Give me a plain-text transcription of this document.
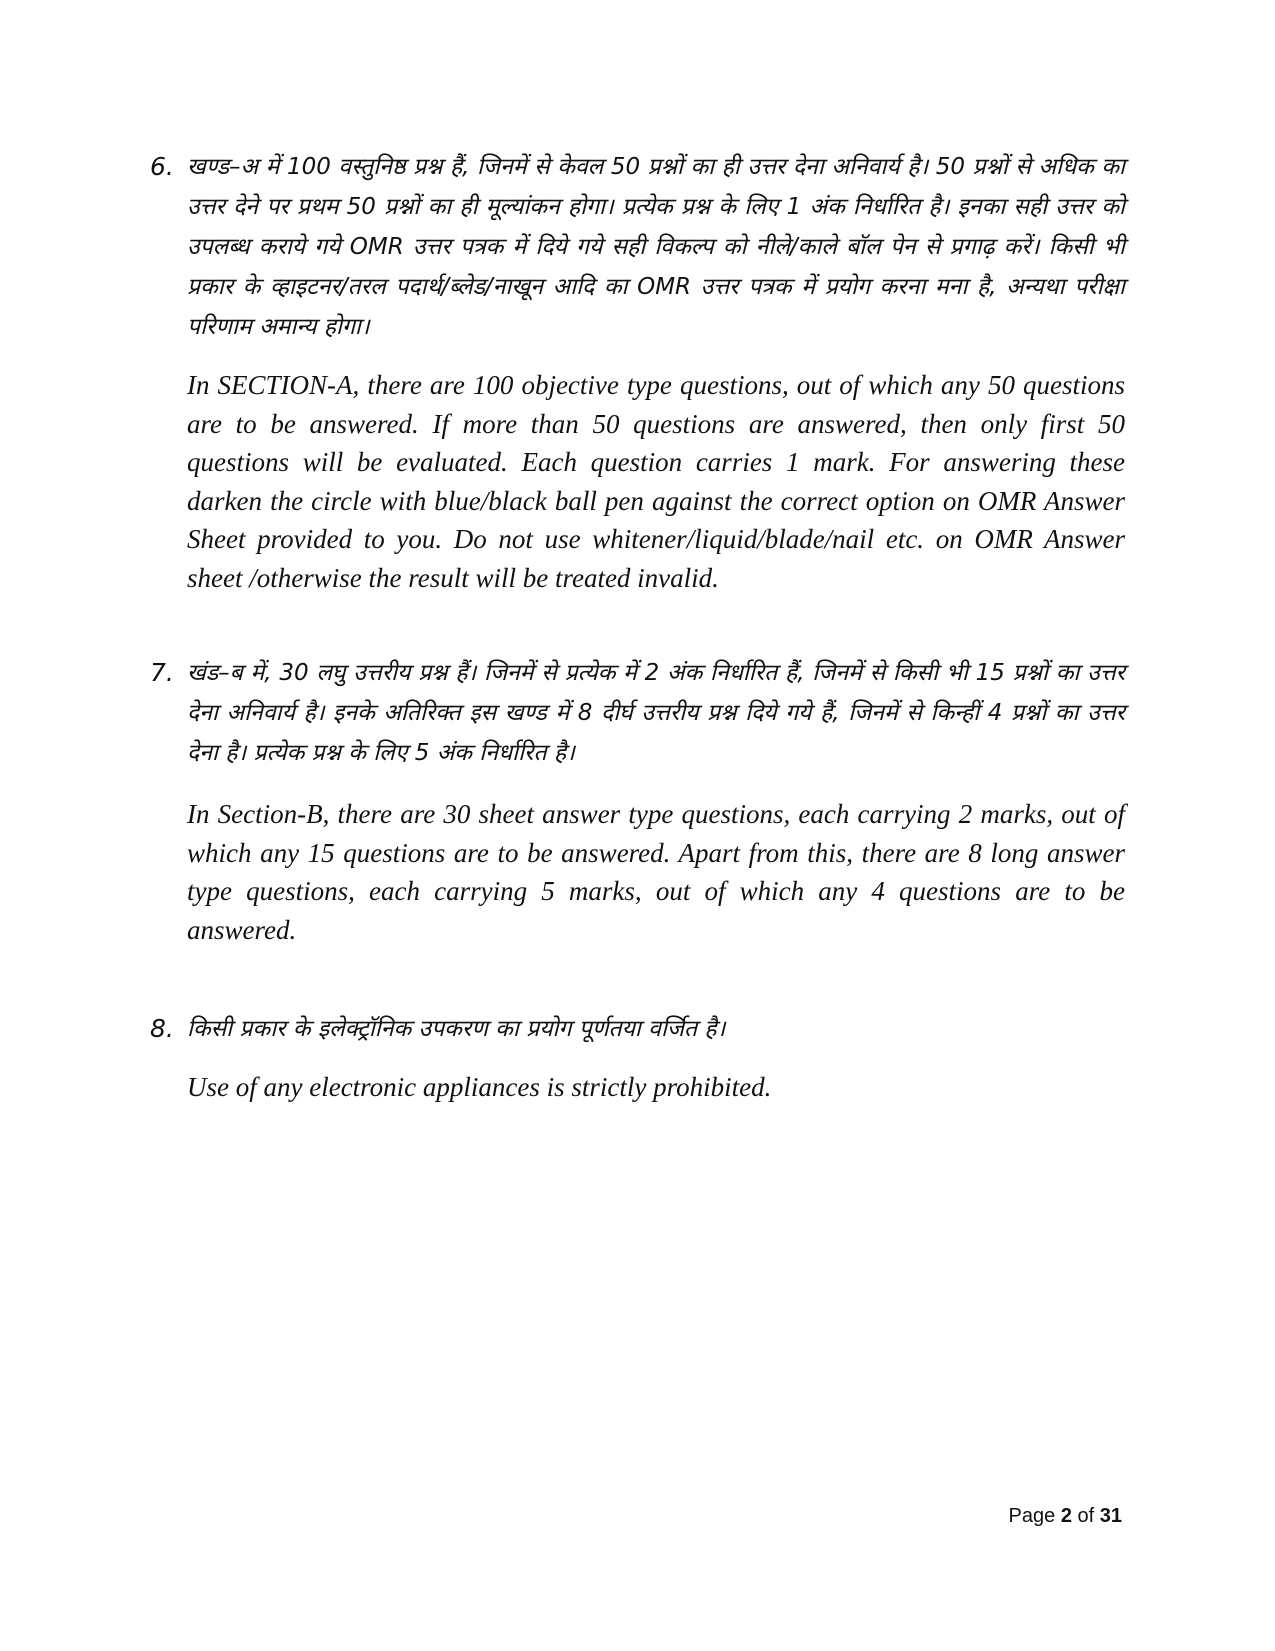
6. खण्ड–अ में 100 वस्तुनिष्ठ प्रश्न हैं, जिनमें से केवल 50 प्रश्नों का ही उत्तर देना अनिवार्य है। 50 प्रश्नों से अधिक का उत्तर देने पर प्रथम 50 प्रश्नों का ही मूल्यांकन होगा। प्रत्येक प्रश्न के लिए 1 अंक निर्धारित है। इनका सही उत्तर को उपलब्ध कराये गये OMR उत्तर पत्रक में दिये गये सही विकल्प को नीले/काले बॉल पेन से प्रगाढ़ करें। किसी भी प्रकार के व्हाइटनर/तरल पदार्थ/ब्लेड/नाखून आदि का OMR उत्तर पत्रक में प्रयोग करना मना है, अन्यथा परीक्षा परिणाम अमान्य होगा।
In SECTION-A, there are 100 objective type questions, out of which any 50 questions are to be answered. If more than 50 questions are answered, then only first 50 questions will be evaluated. Each question carries 1 mark. For answering these darken the circle with blue/black ball pen against the correct option on OMR Answer Sheet provided to you. Do not use whitener/liquid/blade/nail etc. on OMR Answer sheet /otherwise the result will be treated invalid.
7. खंड–ब में, 30 लघु उत्तरीय प्रश्न हैं। जिनमें से प्रत्येक में 2 अंक निर्धारित हैं, जिनमें से किसी भी 15 प्रश्नों का उत्तर देना अनिवार्य है। इनके अतिरिक्त इस खण्ड में 8 दीर्घ उत्तरीय प्रश्न दिये गये हैं, जिनमें से किन्हीं 4 प्रश्नों का उत्तर देना है। प्रत्येक प्रश्न के लिए 5 अंक निर्धारित है।
In Section-B, there are 30 sheet answer type questions, each carrying 2 marks, out of which any 15 questions are to be answered. Apart from this, there are 8 long answer type questions, each carrying 5 marks, out of which any 4 questions are to be answered.
8. किसी प्रकार के इलेक्ट्रॉनिक उपकरण का प्रयोग पूर्णतया वर्जित है।
Use of any electronic appliances is strictly prohibited.
Page 2 of 31
